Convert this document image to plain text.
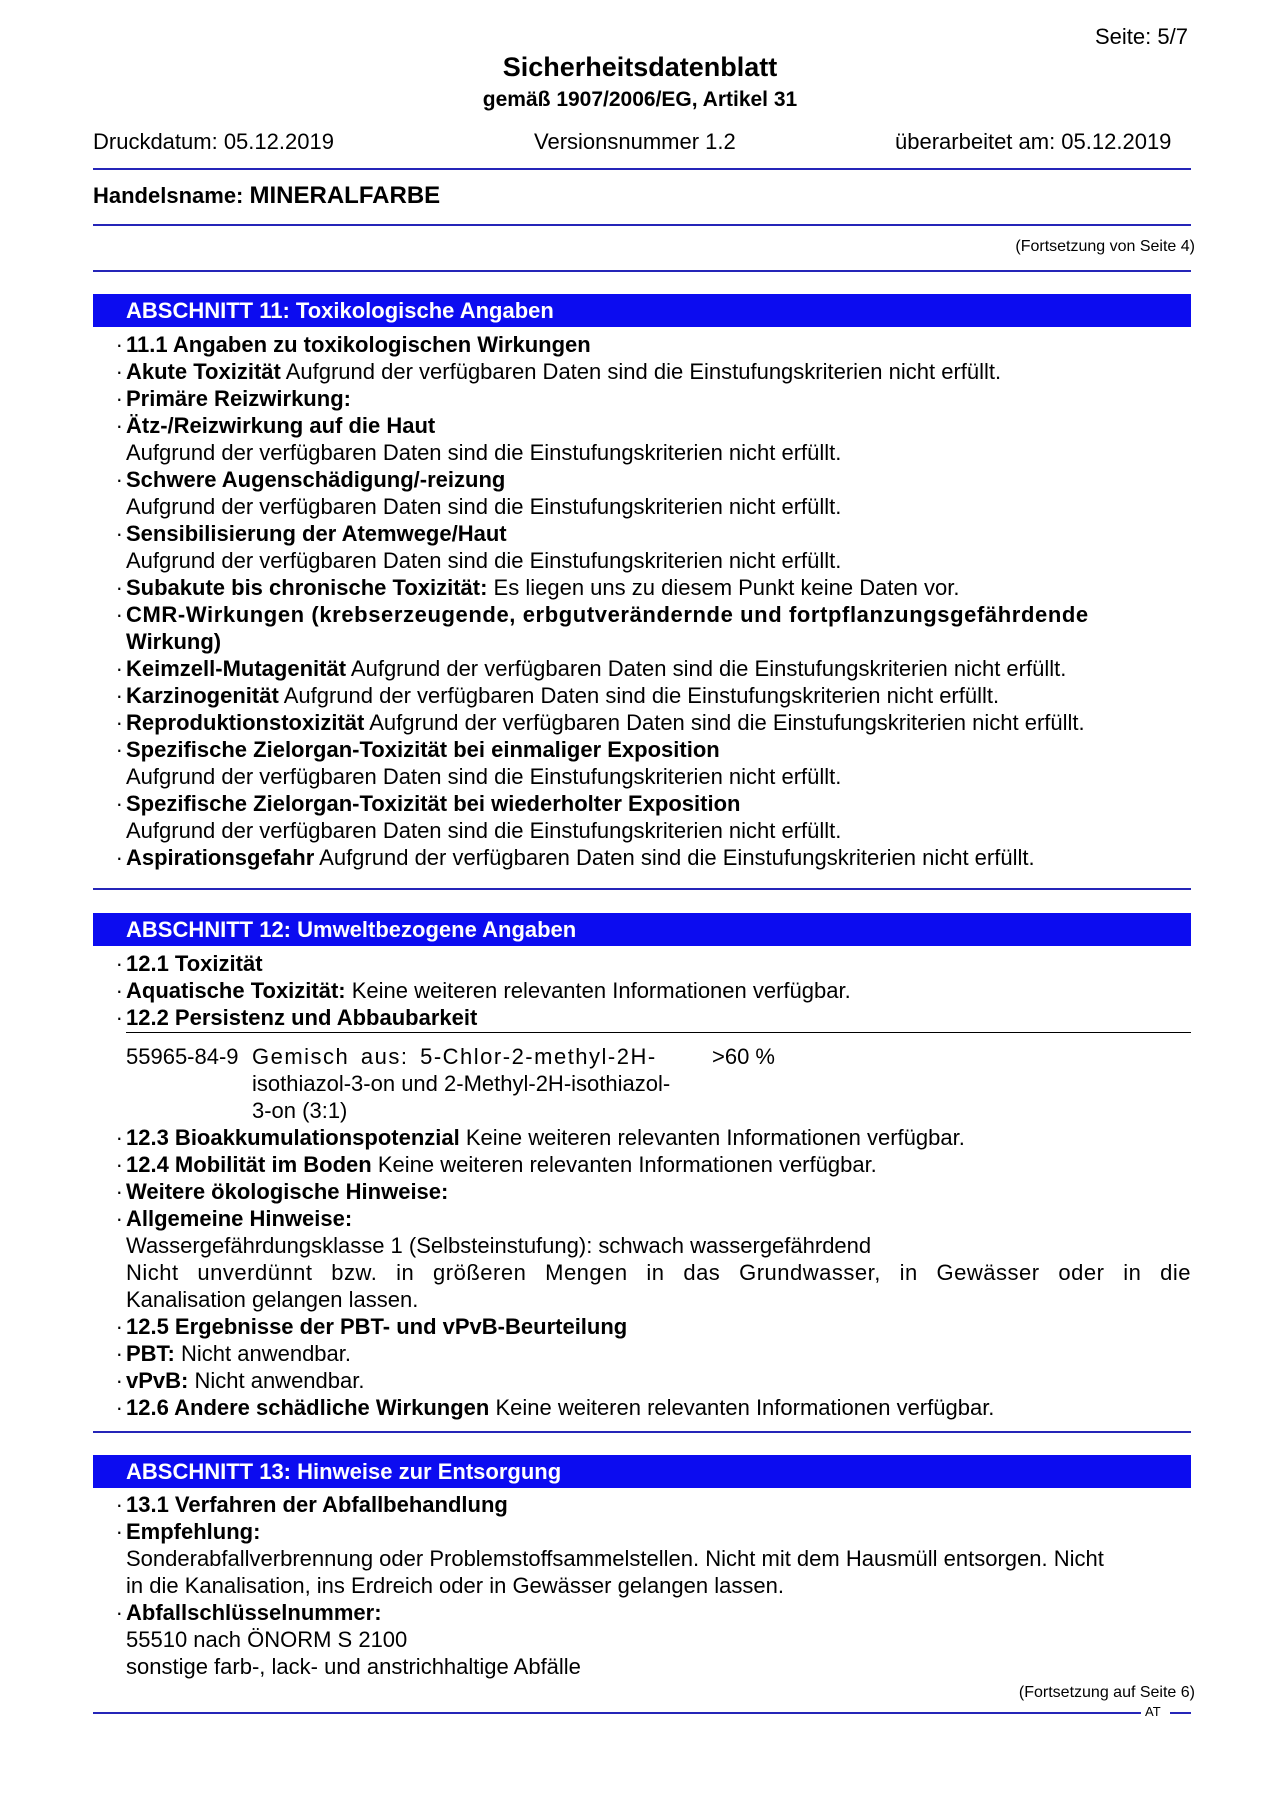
Seite: 5/7
Sicherheitsdatenblatt
gemäß 1907/2006/EG, Artikel 31
Druckdatum: 05.12.2019	Versionsnummer 1.2	überarbeitet am: 05.12.2019
Handelsname: MINERALFARBE
(Fortsetzung von Seite 4)
ABSCHNITT 11: Toxikologische Angaben
· 11.1 Angaben zu toxikologischen Wirkungen
· Akute Toxizität Aufgrund der verfügbaren Daten sind die Einstufungskriterien nicht erfüllt.
· Primäre Reizwirkung:
· Ätz-/Reizwirkung auf die Haut
Aufgrund der verfügbaren Daten sind die Einstufungskriterien nicht erfüllt.
· Schwere Augenschädigung/-reizung
Aufgrund der verfügbaren Daten sind die Einstufungskriterien nicht erfüllt.
· Sensibilisierung der Atemwege/Haut
Aufgrund der verfügbaren Daten sind die Einstufungskriterien nicht erfüllt.
· Subakute bis chronische Toxizität: Es liegen uns zu diesem Punkt keine Daten vor.
· CMR-Wirkungen (krebserzeugende, erbgutverändernde und fortpflanzungsgefährdende
Wirkung)
· Keimzell-Mutagenität Aufgrund der verfügbaren Daten sind die Einstufungskriterien nicht erfüllt.
· Karzinogenität Aufgrund der verfügbaren Daten sind die Einstufungskriterien nicht erfüllt.
· Reproduktionstoxizität Aufgrund der verfügbaren Daten sind die Einstufungskriterien nicht erfüllt.
· Spezifische Zielorgan-Toxizität bei einmaliger Exposition
Aufgrund der verfügbaren Daten sind die Einstufungskriterien nicht erfüllt.
· Spezifische Zielorgan-Toxizität bei wiederholter Exposition
Aufgrund der verfügbaren Daten sind die Einstufungskriterien nicht erfüllt.
· Aspirationsgefahr Aufgrund der verfügbaren Daten sind die Einstufungskriterien nicht erfüllt.
ABSCHNITT 12: Umweltbezogene Angaben
· 12.1 Toxizität
· Aquatische Toxizität: Keine weiteren relevanten Informationen verfügbar.
· 12.2 Persistenz und Abbaubarkeit
55965-84-9 Gemisch aus: 5-Chlor-2-methyl-2H-
isothiazol-3-on und 2-Methyl-2H-isothiazol-
3-on (3:1)
>60 %
· 12.3 Bioakkumulationspotenzial Keine weiteren relevanten Informationen verfügbar.
· 12.4 Mobilität im Boden Keine weiteren relevanten Informationen verfügbar.
· Weitere ökologische Hinweise:
· Allgemeine Hinweise:
Wassergefährdungsklasse 1 (Selbsteinstufung): schwach wassergefährdend
Nicht unverdünnt bzw. in größeren Mengen in das Grundwasser, in Gewässer oder in die
Kanalisation gelangen lassen.
· 12.5 Ergebnisse der PBT- und vPvB-Beurteilung
· PBT: Nicht anwendbar.
· vPvB: Nicht anwendbar.
· 12.6 Andere schädliche Wirkungen Keine weiteren relevanten Informationen verfügbar.
ABSCHNITT 13: Hinweise zur Entsorgung
· 13.1 Verfahren der Abfallbehandlung
· Empfehlung:
Sonderabfallverbrennung oder Problemstoffsammelstellen. Nicht mit dem Hausmüll entsorgen. Nicht
in die Kanalisation, ins Erdreich oder in Gewässer gelangen lassen.
· Abfallschlüsselnummer:
55510 nach ÖNORM S 2100
sonstige farb-, lack- und anstrichhaltige Abfälle
(Fortsetzung auf Seite 6)
AT
